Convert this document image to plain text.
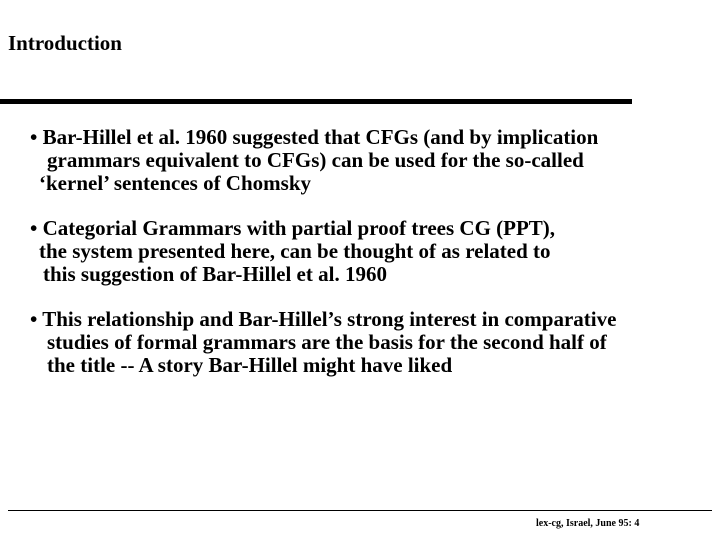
Introduction
• Bar-Hillel et al. 1960 suggested that CFGs (and by implication
grammars equivalent to CFGs) can be used for the so-called
‘kernel’ sentences of Chomsky
• Categorial Grammars with partial proof trees CG (PPT),
the system presented here, can be thought of as related to
this suggestion of Bar-Hillel et al. 1960
• This relationship and Bar-Hillel’s strong interest in comparative
studies of formal grammars are the basis for the second half of
the title -- A story Bar-Hillel might have liked
lex-cg, Israel, June 95: 4
